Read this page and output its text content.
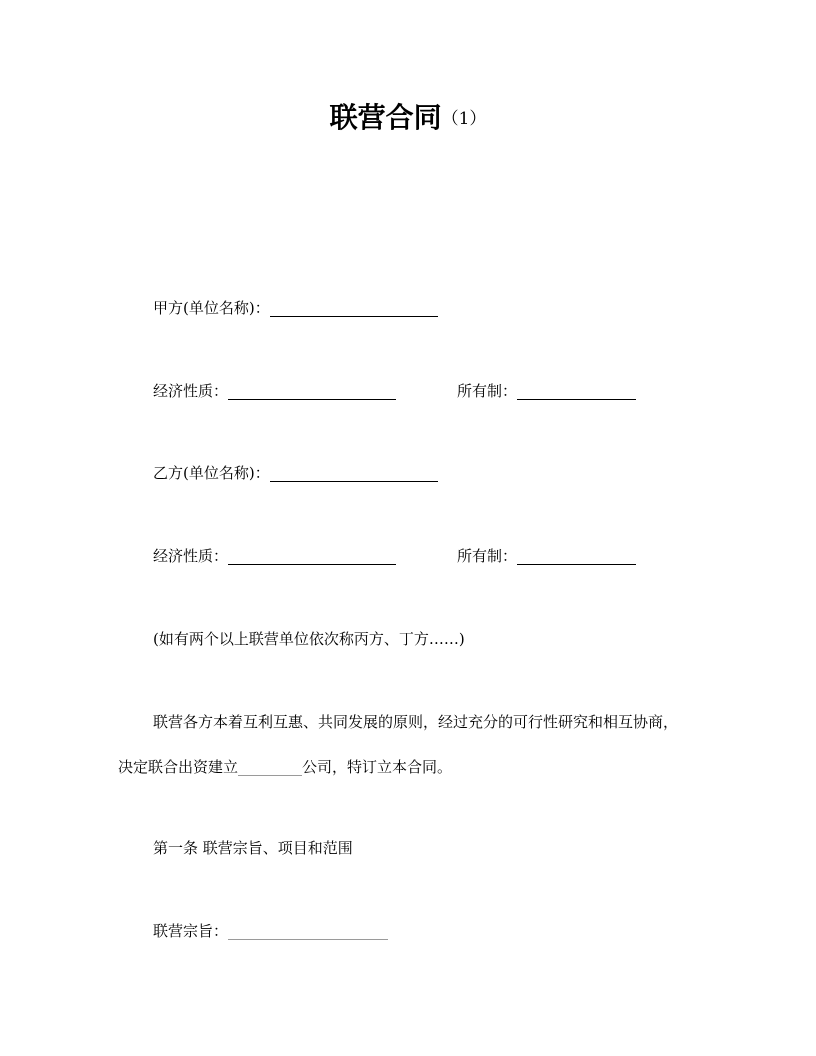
联营合同（1）
甲方(单位名称)：
经济性质：	所有制：
乙方(单位名称)：
经济性质：	所有制：
(如有两个以上联营单位依次称丙方、丁方……)
联营各方本着互利互惠、共同发展的原则，经过充分的可行性研究和相互协商，
决定联合出资建立	公司，特订立本合同。
第一条 联营宗旨、项目和范围
联营宗旨：
